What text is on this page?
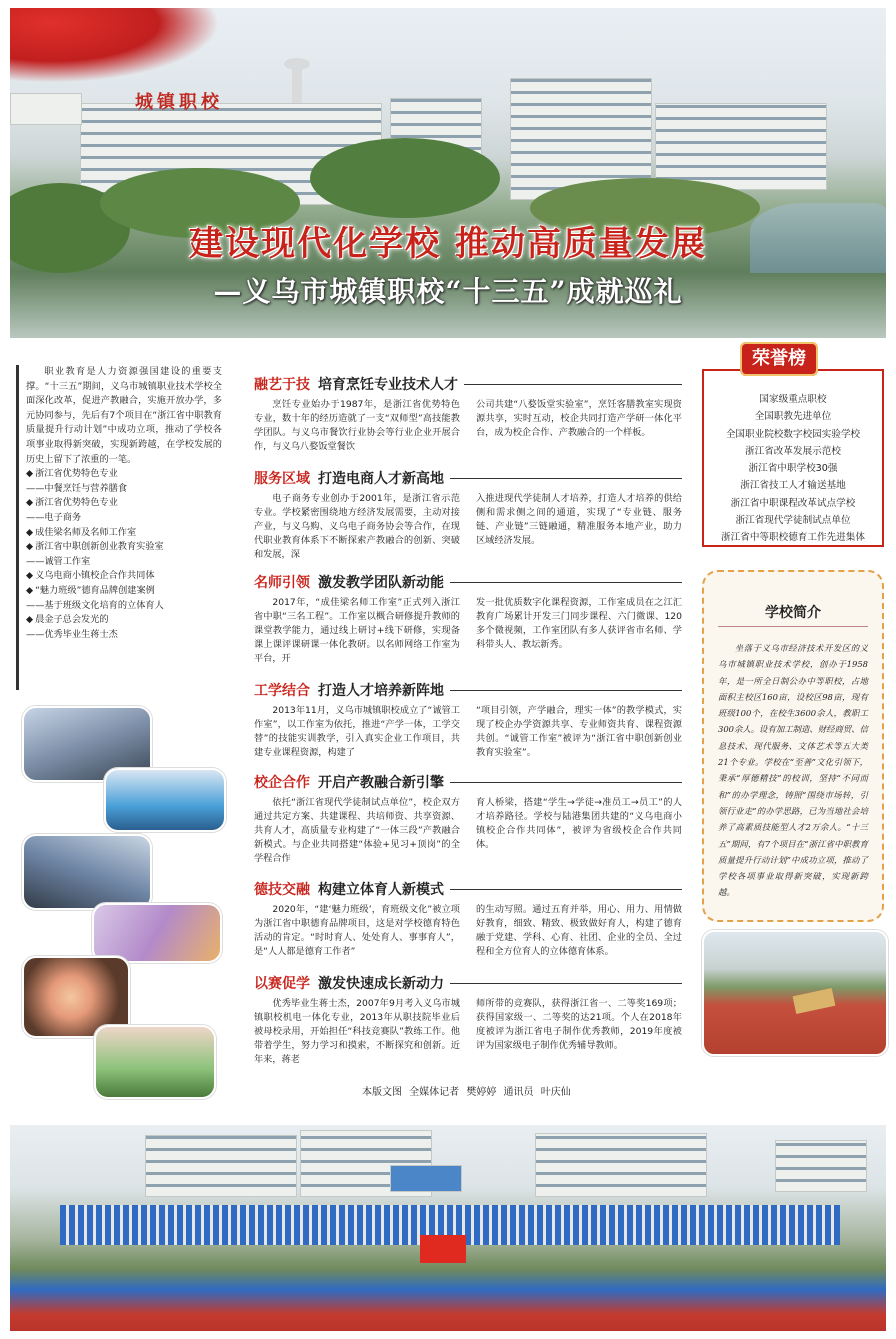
城镇职校
建设现代化学校 推动高质量发展
—义乌市城镇职校“十三五”成就巡礼

职业教育是人力资源强国建设的重要支撑。“十三五”期间，义乌市城镇职业技术学校全面深化改革，促进产教融合，实施开放办学，多元协同参与，先后有7个项目在“浙江省中职教育质量提升行动计划”中成功立项，推动了学校各项事业取得新突破，实现新跨越，在学校发展的历史上留下了浓重的一笔。

◆ 浙江省优势特色专业
—— 中餐烹饪与营养膳食
◆ 浙江省优势特色专业
—— 电子商务
◆ 成佳梁名师及名师工作室
◆ 浙江省中职创新创业教育实验室
—— 诚管工作室
◆ 义乌电商小镇校企合作共同体
◆ “魅力班级”德育品牌创建案例
—— 基于班级文化培育的立体育人
◆ 晨金子总会发光的
—— 优秀毕业生蒋士杰
融艺于技 培育烹饪专业技术人才

烹饪专业始办于1987年，是浙江省优势特色专业，数十年的经历造就了一支“双师型”高技能教学团队。与义乌市餐饮行业协会等行业企业开展合作，与义乌八婺饭堂餐饮

公司共建“八婺饭堂实验室”，烹饪客膳教室实现资源共享，实时互动，校企共同打造产学研一体化平台，成为校企合作、产教融合的一个样板。

服务区域 打造电商人才新高地

电子商务专业创办于2001年，是浙江省示范专业。学校紧密围绕地方经济发展需要，主动对接产业，与义乌购、义乌电子商务协会等合作，在现代职业教育体系下不断探索产教融合的创新、突破和发展，深

入推进现代学徒制人才培养，打造人才培养的供给侧和需求侧之间的通道，实现了“专业链、服务链、产业链”三链融通，精准服务本地产业，助力区域经济发展。

名师引领 激发教学团队新动能

2017年，“成佳梁名师工作室”正式列入浙江省中职“三名工程”。工作室以概合研修提升教师的课堂教学能力，通过线上研讨+线下研修，实现备课上课评课研课一体化教研。以名师网络工作室为平台，开

发一批优质数字化课程资源，工作室成员在之江汇教育广场累计开发三门同步课程、六门微课、120多个微视频，工作室团队有多人获评省市名师、学科带头人、教坛新秀。

工学结合 打造人才培养新阵地

2013年11月，义乌市城镇职校成立了“诚管工作室”，以工作室为依托，推进“产学一体，工学交替”的技能实训教学，引入真实企业工作项目，共建专业课程资源，构建了

“项目引领，产学融合，理实一体”的教学模式，实现了校企办学资源共享、专业师资共育、课程资源共创。“诚管工作室”被评为“浙江省中职创新创业教育实验室”。

校企合作 开启产教融合新引擎

依托“浙江省现代学徒制试点单位”，校企双方通过共定方案、共建课程、共培师资、共享资源、共育人才，高质量专业构建了“一体三段”产教融合新模式。与企业共同搭建“体验+见习+顶岗”的全学程合作

育人桥梁，搭建“学生→学徒→准员工→员工”的人才培养路径。学校与陆港集团共建的“义乌电商小镇校企合作共同体”，被评为省级校企合作共同体。

德技交融 构建立体育人新模式

2020年，“建‘魅力班级’，育班级文化”被立项为浙江省中职德育品牌项目，这是对学校德育特色活动的肯定。“时时育人、处处育人、事事育人”，是“人人都是德育工作者”

的生动写照。通过五育并举，用心、用力、用情做好教育，细致、精致、极致做好育人，构建了德育融于党建、学科、心育、社团、企业的全员、全过程和全方位育人的立体德育体系。

以赛促学 激发快速成长新动力

优秀毕业生蒋士杰，2007年9月考入义乌市城镇职校机电一体化专业，2013年从职技院毕业后被母校录用，开始担任“科技竞赛队”教练工作。他带着学生，努力学习和摸索，不断探究和创新。近年来，蒋老

师所带的竞赛队，获得浙江省一、二等奖169项；获得国家级一、二等奖的达21项。个人在2018年度被评为浙江省电子制作优秀教师，2019年度被评为国家级电子制作优秀辅导教师。

国家级重点职校
全国职教先进单位
全国职业院校数字校园实验学校
浙江省改革发展示范校
浙江省中职学校30强
浙江省技工人才输送基地
浙江省中职课程改革试点学校
浙江省现代学徒制试点单位
浙江省中等职校德育工作先进集体
荣誉榜
学校简介

坐落于义乌市经济技术开发区的义乌市城镇职业技术学校，创办于1958年，是一所全日制公办中等职校，占地面积主校区160亩，设校区98亩，现有班级100个，在校生3600余人，教职工300余人。设有加工制造、财经商贸、信息技术、现代服务、文体艺术等五大类21个专业。学校在“至善”文化引领下，秉承“厚德精技”的校训，坚持“不同而和”的办学理念，铸照“围绕市场转，引领行业走”的办学思路，已为当地社会培养了高素质技能型人才2万余人。“十三五”期间，有7个项目在“浙江省中职教育质量提升行动计划”中成功立项，推动了学校各项事业取得新突破，实现新跨越。

本版文图 全媒体记者 樊婷婷 通讯员 叶庆仙
